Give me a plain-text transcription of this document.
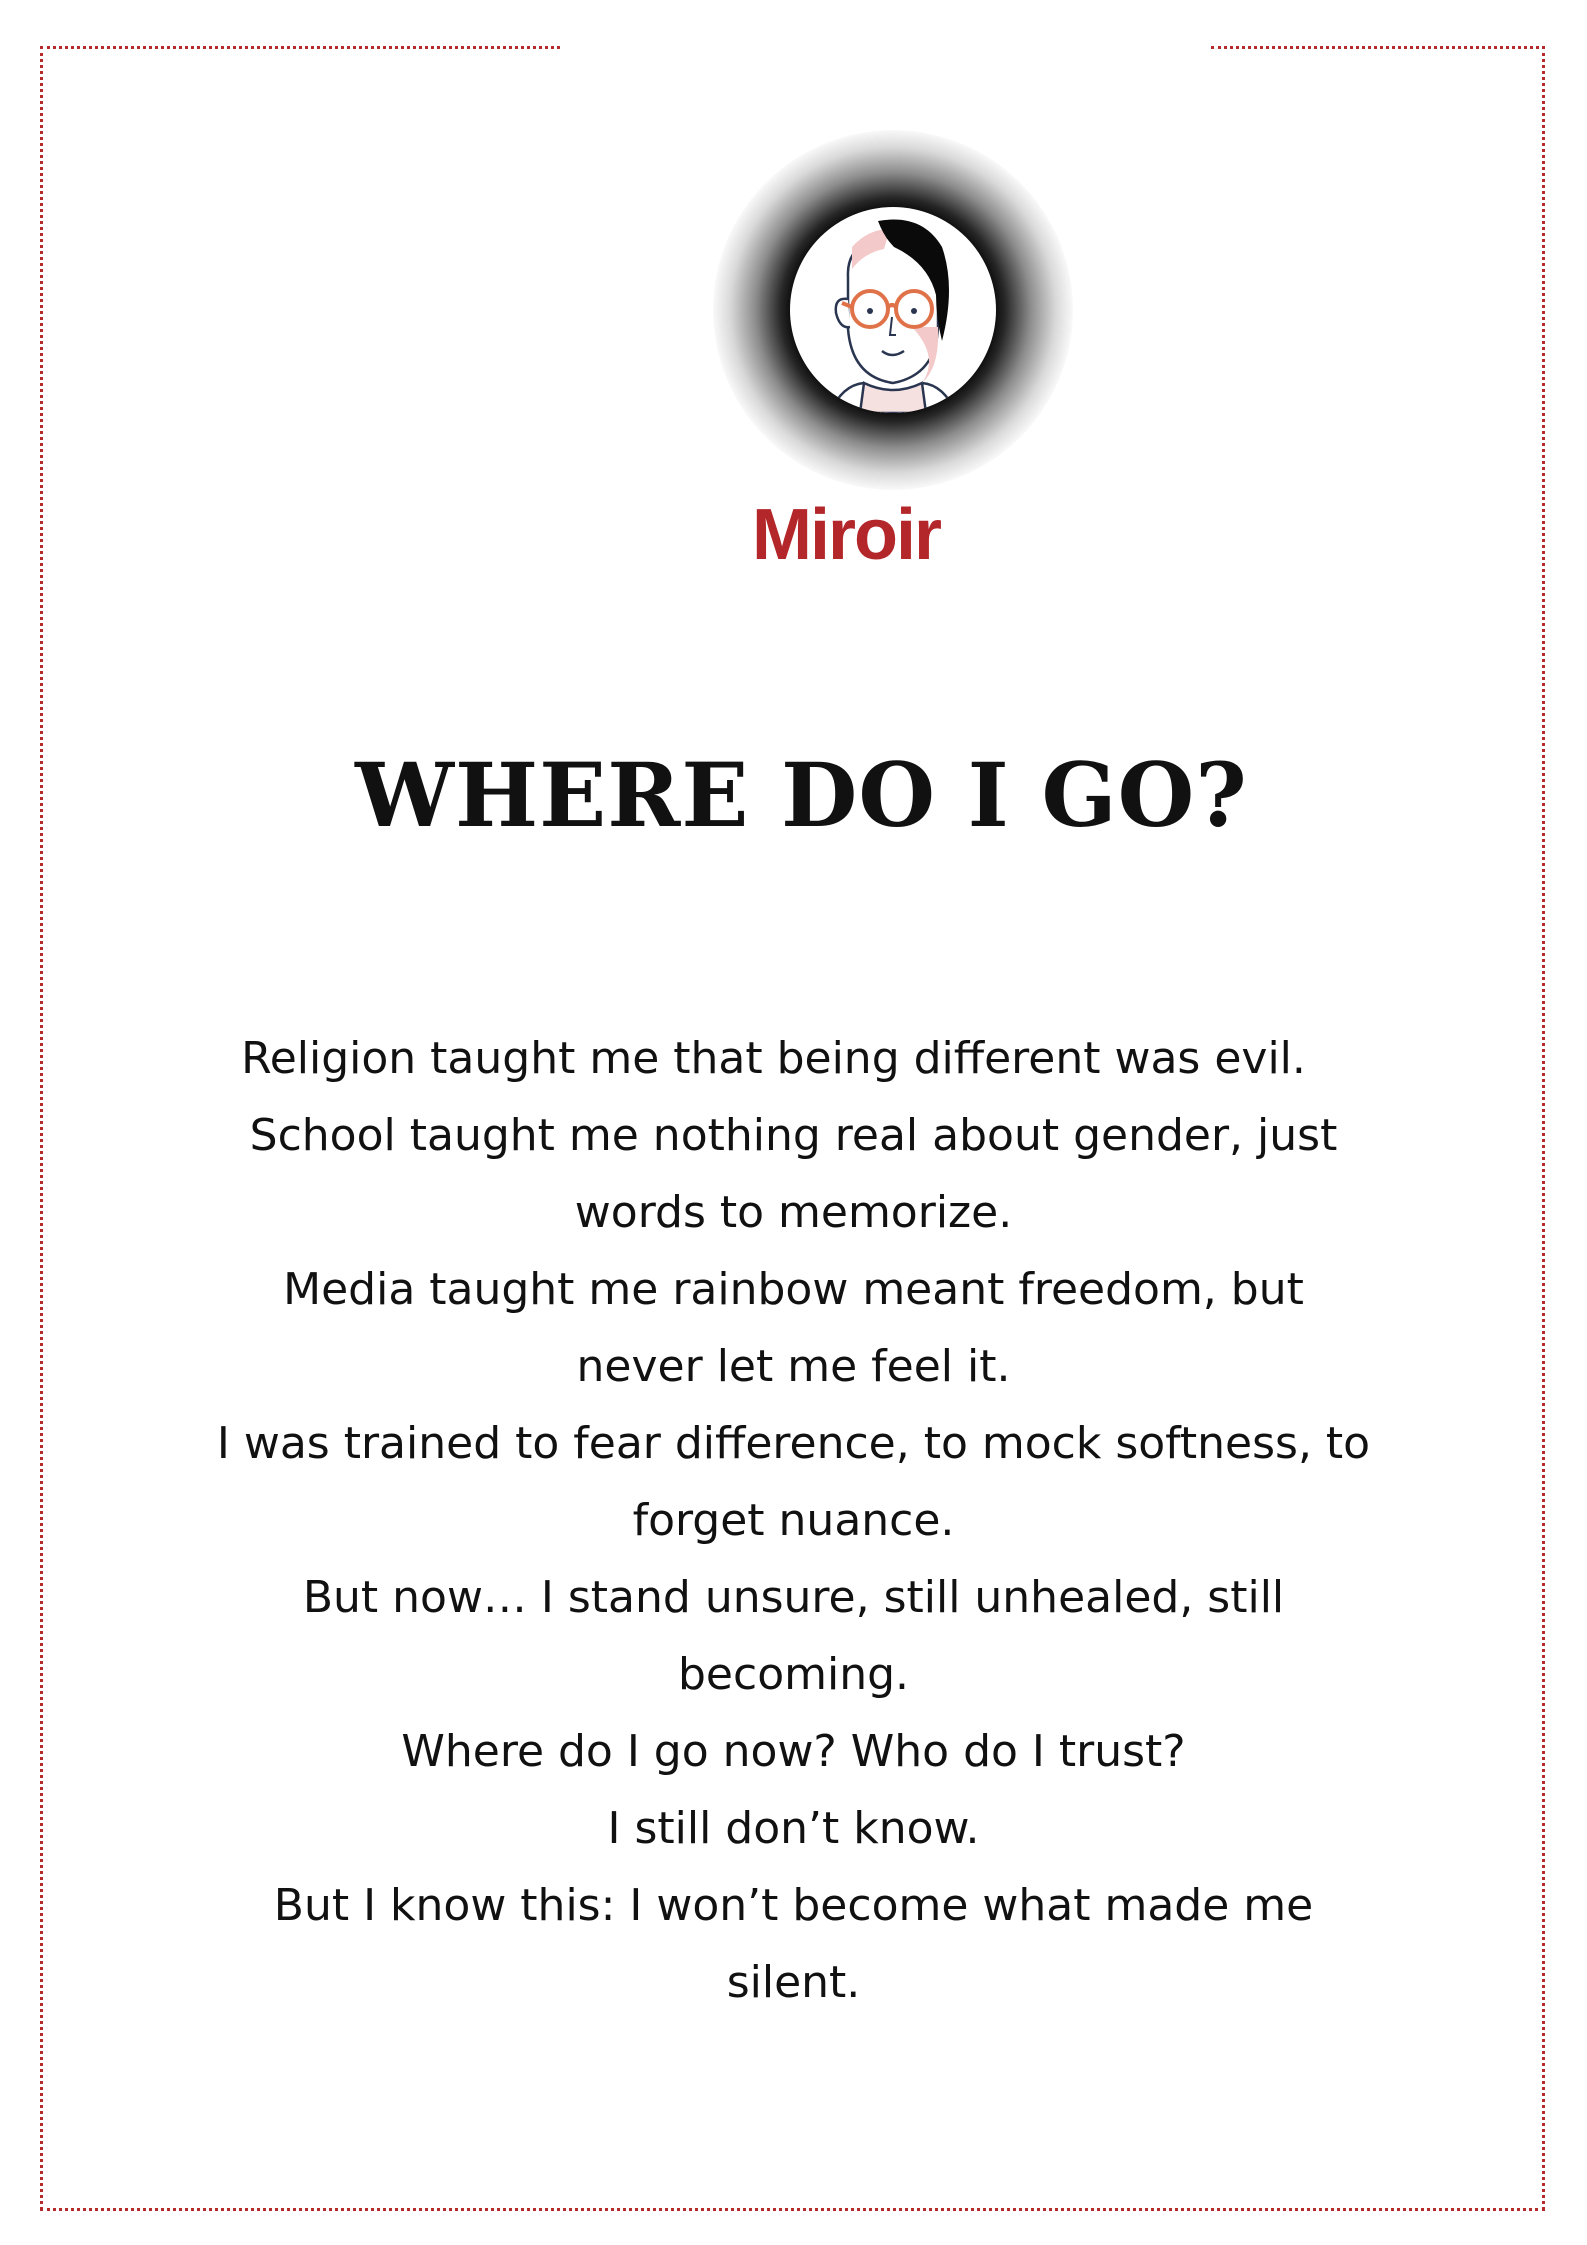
Miroir
WHERE DO I GO?
Religion taught me that being different was evil.
School taught me nothing real about gender, just
words to memorize.
Media taught me rainbow meant freedom, but
never let me feel it.
I was trained to fear difference, to mock softness, to
forget nuance.
But now… I stand unsure, still unhealed, still
becoming.
Where do I go now? Who do I trust?
I still don’t know.
But I know this: I won’t become what made me
silent.
